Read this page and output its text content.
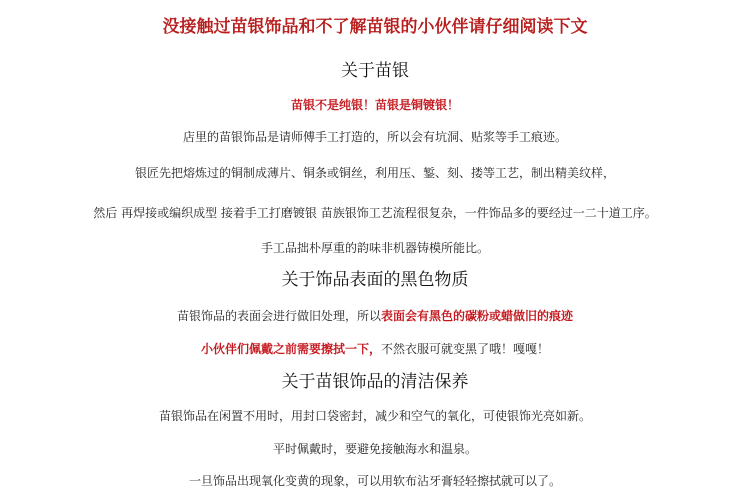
没接触过苗银饰品和不了解苗银的小伙伴请仔细阅读下文
关于苗银
苗银不是纯银！苗银是铜镀银！
店里的苗银饰品是请师傅手工打造的，所以会有坑洞、贴浆等手工痕迹。
银匠先把熔炼过的铜制成薄片、铜条或铜丝，利用压、錾、刻、搂等工艺，制出精美纹样，
然后 再焊接或编织成型 接着手工打磨镀银 苗族银饰工艺流程很复杂，一件饰品多的要经过一二十道工序。
手工品拙朴厚重的韵味非机器铸模所能比。
关于饰品表面的黑色物质
苗银饰品的表面会进行做旧处理，所以表面会有黑色的碳粉或蜡做旧的痕迹
小伙伴们佩戴之前需要擦拭一下，不然衣服可就变黑了哦！嘎嘎！
关于苗银饰品的清洁保养
苗银饰品在闲置不用时，用封口袋密封，减少和空气的氧化，可使银饰光亮如新。
平时佩戴时，要避免接触海水和温泉。
一旦饰品出现氧化变黄的现象，可以用软布沾牙膏轻轻擦拭就可以了。
